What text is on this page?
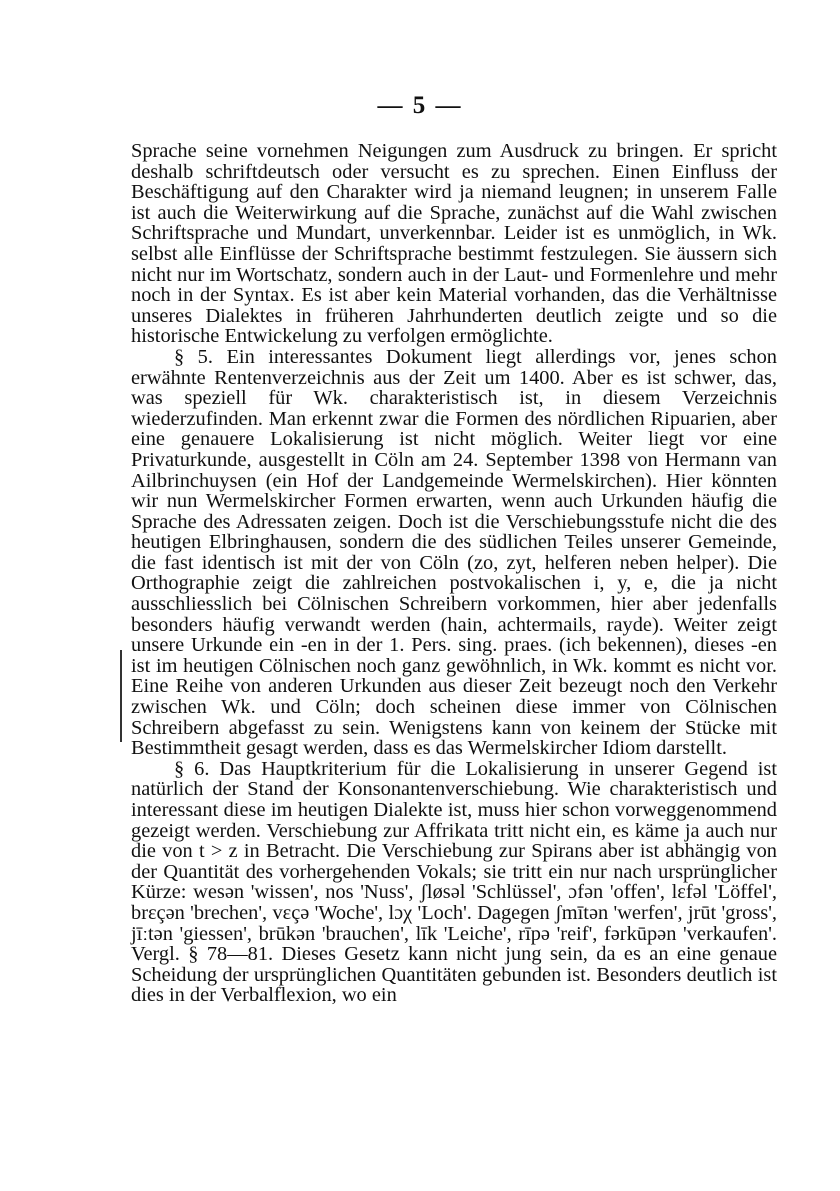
— 5 —

Sprache seine vornehmen Neigungen zum Ausdruck zu bringen. Er spricht deshalb schriftdeutsch oder versucht es zu sprechen. Einen Einfluss der Beschäftigung auf den Charakter wird ja niemand leugnen; in unserem Falle ist auch die Weiterwirkung auf die Sprache, zunächst auf die Wahl zwischen Schriftsprache und Mundart, unverkennbar. Leider ist es unmöglich, in Wk. selbst alle Einflüsse der Schriftsprache bestimmt festzulegen. Sie äussern sich nicht nur im Wortschatz, sondern auch in der Laut- und Formenlehre und mehr noch in der Syntax. Es ist aber kein Material vorhanden, das die Verhältnisse unseres Dialektes in früheren Jahrhunderten deutlich zeigte und so die historische Entwickelung zu verfolgen ermöglichte.

§ 5. Ein interessantes Dokument liegt allerdings vor, jenes schon erwähnte Rentenverzeichnis aus der Zeit um 1400. Aber es ist schwer, das, was speziell für Wk. charakteristisch ist, in diesem Verzeichnis wiederzufinden. Man erkennt zwar die Formen des nördlichen Ripuarien, aber eine genauere Lokalisierung ist nicht möglich. Weiter liegt vor eine Privaturkunde, ausgestellt in Cöln am 24. September 1398 von Hermann van Ailbrinchuysen (ein Hof der Landgemeinde Wermelskirchen). Hier könnten wir nun Wermelskircher Formen erwarten, wenn auch Urkunden häufig die Sprache des Adressaten zeigen. Doch ist die Verschiebungsstufe nicht die des heutigen Elbringhausen, sondern die des südlichen Teiles unserer Gemeinde, die fast identisch ist mit der von Cöln (zo, zyt, helferen neben helper). Die Orthographie zeigt die zahlreichen postvokalischen i, y, e, die ja nicht ausschliesslich bei Cölnischen Schreibern vorkommen, hier aber jedenfalls besonders häufig verwandt werden (hain, achtermails, rayde). Weiter zeigt unsere Urkunde ein -en in der 1. Pers. sing. praes. (ich bekennen), dieses -en ist im heutigen Cölnischen noch ganz gewöhnlich, in Wk. kommt es nicht vor. Eine Reihe von anderen Urkunden aus dieser Zeit bezeugt noch den Verkehr zwischen Wk. und Cöln; doch scheinen diese immer von Cölnischen Schreibern abgefasst zu sein. Wenigstens kann von keinem der Stücke mit Bestimmtheit gesagt werden, dass es das Wermelskircher Idiom darstellt.

§ 6. Das Hauptkriterium für die Lokalisierung in unserer Gegend ist natürlich der Stand der Konsonantenverschiebung. Wie charakteristisch und interessant diese im heutigen Dialekte ist, muss hier schon vorweggenommend gezeigt werden. Verschiebung zur Affrikata tritt nicht ein, es käme ja auch nur die von t > z in Betracht. Die Verschiebung zur Spirans aber ist abhängig von der Quantität des vorhergehenden Vokals; sie tritt ein nur nach ursprünglicher Kürze: wesən 'wissen', nos 'Nuss', ʃløsəl 'Schlüssel', ɔfən 'offen', lɛfəl 'Löffel', brɛçən 'brechen', vɛçə 'Woche', lɔχ 'Loch'. Dagegen ʃmītən 'werfen', jrūt 'gross', jīːtən 'giessen', brūkən 'brauchen', līk 'Leiche', rīpə 'reif', fərkūpən 'verkaufen'. Vergl. § 78—81. Dieses Gesetz kann nicht jung sein, da es an eine genaue Scheidung der ursprünglichen Quantitäten gebunden ist. Besonders deutlich ist dies in der Verbalflexion, wo ein
